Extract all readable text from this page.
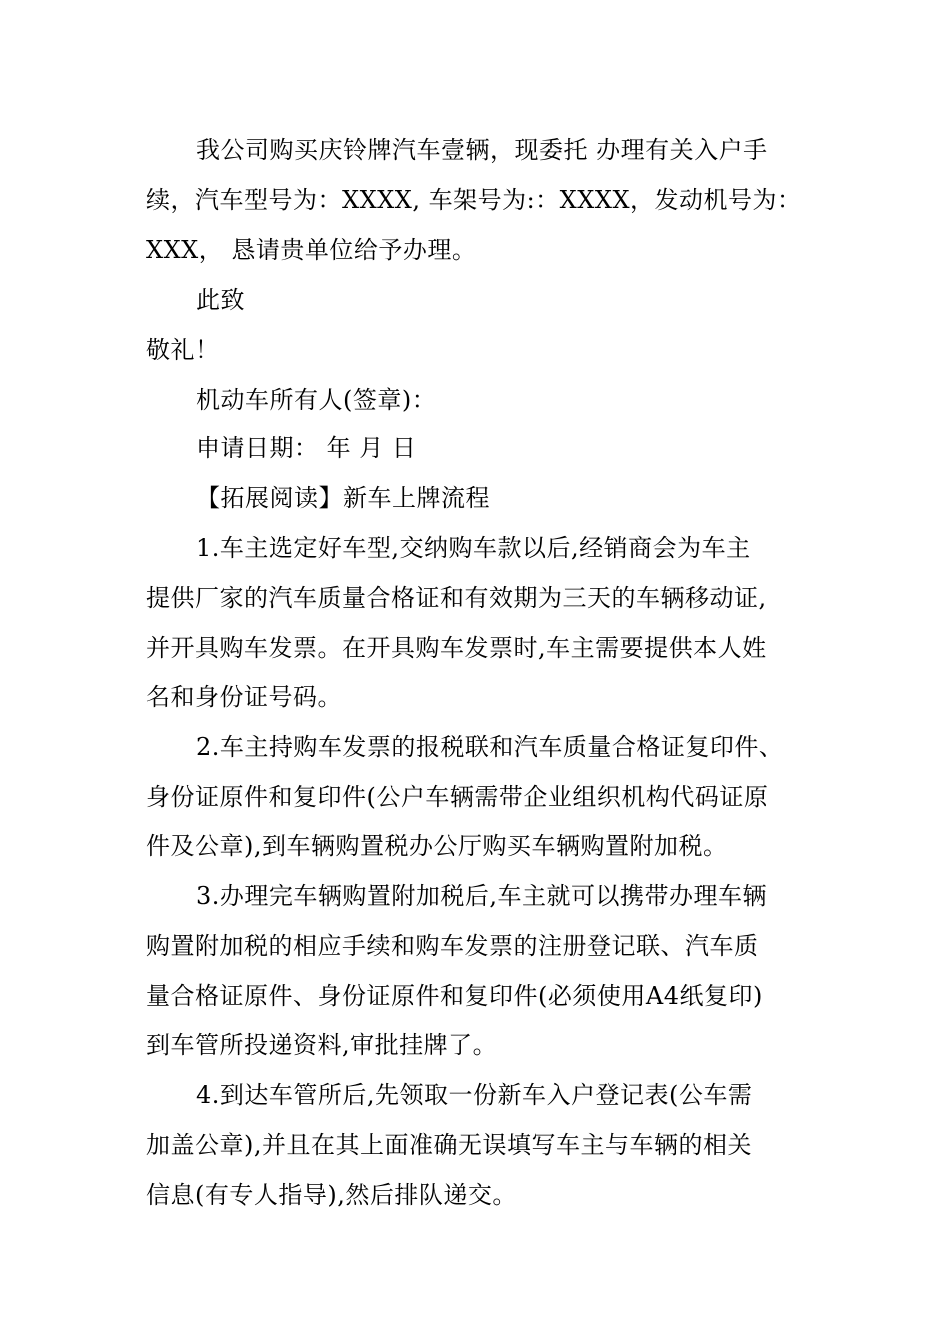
我公司购买庆铃牌汽车壹辆，现委托 办理有关入户手
续，汽车型号为：XXXX, 车架号为:：XXXX，发动机号为：
XXX， 恳请贵单位给予办理。
此致
敬礼！
机动车所有人(签章)：
申请日期： 年 月 日
【拓展阅读】新车上牌流程
1.车主选定好车型,交纳购车款以后,经销商会为车主
提供厂家的汽车质量合格证和有效期为三天的车辆移动证,
并开具购车发票。在开具购车发票时,车主需要提供本人姓
名和身份证号码。
2.车主持购车发票的报税联和汽车质量合格证复印件、
身份证原件和复印件(公户车辆需带企业组织机构代码证原
件及公章),到车辆购置税办公厅购买车辆购置附加税。
3.办理完车辆购置附加税后,车主就可以携带办理车辆
购置附加税的相应手续和购车发票的注册登记联、汽车质
量合格证原件、身份证原件和复印件(必须使用A4纸复印)
到车管所投递资料,审批挂牌了。
4.到达车管所后,先领取一份新车入户登记表(公车需
加盖公章),并且在其上面准确无误填写车主与车辆的相关
信息(有专人指导),然后排队递交。
